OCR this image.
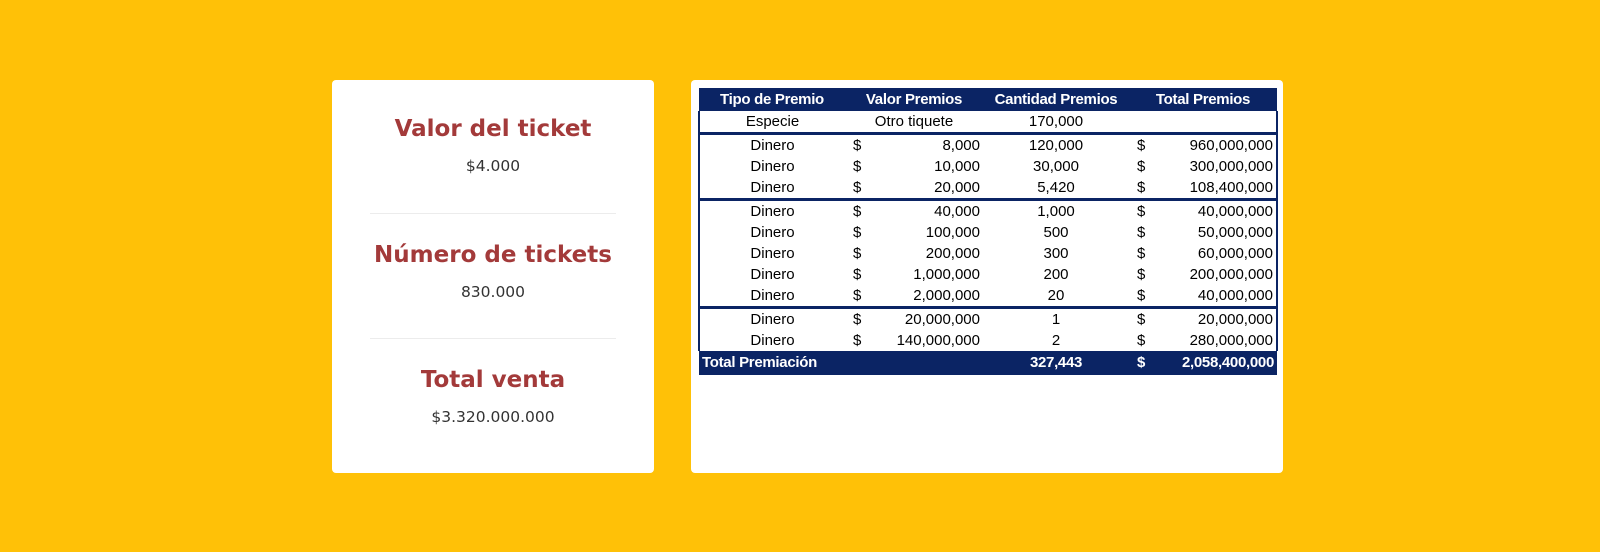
Valor del ticket
$4.000
Número de tickets
830.000
Total venta
$3.320.000.000
Tipo de Premio	Valor Premios		Cantidad Premios	Total Premios	
Especie	Otro tiquete		170,000		
Dinero	$	8,000	120,000	$	960,000,000
Dinero	$	10,000	30,000	$	300,000,000
Dinero	$	20,000	5,420	$	108,400,000
Dinero	$	40,000	1,000	$	40,000,000
Dinero	$	100,000	500	$	50,000,000
Dinero	$	200,000	300	$	60,000,000
Dinero	$	1,000,000	200	$	200,000,000
Dinero	$	2,000,000	20	$	40,000,000
Dinero	$	20,000,000	1	$	20,000,000
Dinero	$	140,000,000	2	$	280,000,000
Total Premiación			327,443	$	2,058,400,000
